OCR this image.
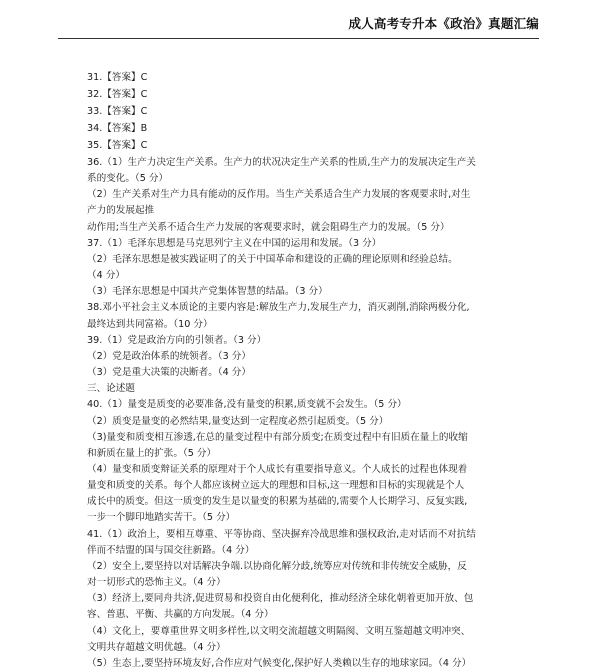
成人高考专升本《政治》真题汇编
31.【答案】C
32.【答案】C
33.【答案】C
34.【答案】B
35.【答案】C
36.（1）生产力决定生产关系。生产力的状况决定生产关系的性质,生产力的发展决定生产关
系的变化。（5 分）
（2）生产关系对生产力具有能动的反作用。当生产关系适合生产力发展的客观要求时,对生
产力的发展起推
动作用;当生产关系不适合生产力发展的客观要求时，就会阻碍生产力的发展。（5 分）
37.（1）毛泽东思想是马克思列宁主义在中国的运用和发展。（3 分）
（2）毛泽东思想是被实践证明了的关于中国革命和建设的正确的理论原则和经验总结。
（4 分）
（3）毛泽东思想是中国共产党集体智慧的结晶。（3 分）
38.邓小平社会主义本质论的主要内容是:解放生产力,发展生产力，消灭剥削,消除两极分化,
最终达到共同富裕。（10 分）
39.（1）党是政治方向的引领者。（3 分）
（2）党是政治体系的统领者。（3 分）
（3）党是重大决策的决断者。（4 分）
三、论述题
40.（1）量变是质变的必要准备,没有量变的积累,质变就不会发生。（5 分）
（2）质变是量变的必然结果,量变达到一定程度必然引起质变。（5 分）
（3)量变和质变相互渗透,在总的量变过程中有部分质变;在质变过程中有旧质在量上的收缩
和新质在量上的扩张。（5 分）
（4）量变和质变辩证关系的原理对于个人成长有重要指导意义。个人成长的过程也体现着
量变和质变的关系。每个人都应该树立远大的理想和目标,这一理想和目标的实现就是个人
成长中的质变。但这一质变的发生是以量变的积累为基础的,需要个人长期学习、反复实践,
一步一个脚印地踏实苦干。（5 分）
41.（1）政治上，要相互尊重、平等协商、坚决摒弃冷战思维和强权政治,走对话而不对抗结
伴而不结盟的国与国交往新路。（4 分）
（2）安全上,要坚持以对话解决争端.以协商化解分歧,统筹应对传统和非传统安全威胁，反
对一切形式的恐怖主义。（4 分）
（3）经济上,要同舟共济,促进贸易和投资自由化便利化，推动经济全球化朝着更加开放、包
容、普惠、平衡、共赢的方向发展。（4 分）
（4）文化上，要尊重世界文明多样性,以文明交流超越文明隔阂、文明互鉴超越文明冲突、
文明共存超越文明优越。（4 分）
（5）生态上,要坚持环境友好,合作应对气候变化,保护好人类赖以生存的地球家园。（4 分）
